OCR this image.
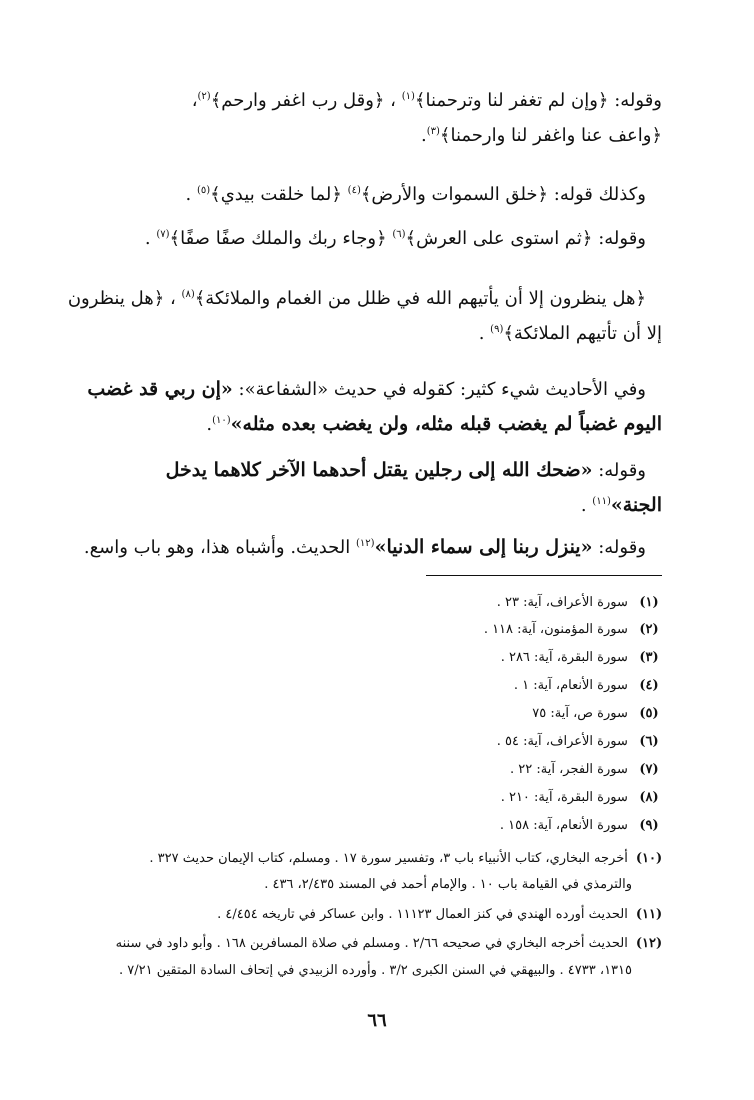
وقوله: ﴿وإن لم تغفر لنا وترحمنا﴾$^{(١)}$ ، ﴿وقل رب اغفر وارحم﴾$^{(٢)}$،
﴿واعف عنا واغفر لنا وارحمنا﴾$^{(٣)}$.
وكذلك قوله: ﴿خلق السموات والأرض﴾$^{(٤)}$ ﴿لما خلقت بيدي﴾$^{(٥)}$ .
وقوله: ﴿ثم استوى على العرش﴾$^{(٦)}$ ﴿وجاء ربك والملك صفًا صفًا﴾$^{(٧)}$ .
﴿هل ينظرون إلا أن يأتيهم الله في ظلل من الغمام والملائكة﴾$^{(٨)}$ ، ﴿هل ينظرون
إلا أن تأتيهم الملائكة﴾$^{(٩)}$ .
وفي الأحاديث شيء كثير: كقوله في حديث «الشفاعة»: «إن ربي قد غضب
اليوم غضباً لم يغضب قبله مثله، ولن يغضب بعده مثله»$^{(١٠)}$.
وقوله: «ضحك الله إلى رجلين يقتل أحدهما الآخر كلاهما يدخل
الجنة»$^{(١١)}$ .
وقوله: «ينزل ربنا إلى سماء الدنيا»$^{(١٢)}$ الحديث. وأشباه هذا، وهو باب واسع.
(١) سورة الأعراف، آية: ٢٣ .
(٢) سورة المؤمنون، آية: ١١٨ .
(٣) سورة البقرة، آية: ٢٨٦ .
(٤) سورة الأنعام، آية: ١ .
(٥) سورة ص، آية: ٧٥
(٦) سورة الأعراف، آية: ٥٤ .
(٧) سورة الفجر، آية: ٢٢ .
(٨) سورة البقرة، آية: ٢١٠ .
(٩) سورة الأنعام، آية: ١٥٨ .
(١٠) أخرجه البخاري، كتاب الأنبياء باب ٣، وتفسير سورة ١٧ . ومسلم، كتاب الإيمان حديث ٣٢٧ .
والترمذي في القيامة باب ١٠ . والإمام أحمد في المسند ٢/٤٣٥، ٤٣٦ .
(١١) الحديث أورده الهندي في كنز العمال ١١١٢٣ . وابن عساكر في تاريخه ٤/٤٥٤ .
(١٢) الحديث أخرجه البخاري في صحيحه ٢/٦٦ . ومسلم في صلاة المسافرين ١٦٨ . وأبو داود في سننه
١٣١٥، ٤٧٣٣ . والبيهقي في السنن الكبرى ٣/٢ . وأورده الزبيدي في إتحاف السادة المتقين ٧/٢١ .
٦٦
